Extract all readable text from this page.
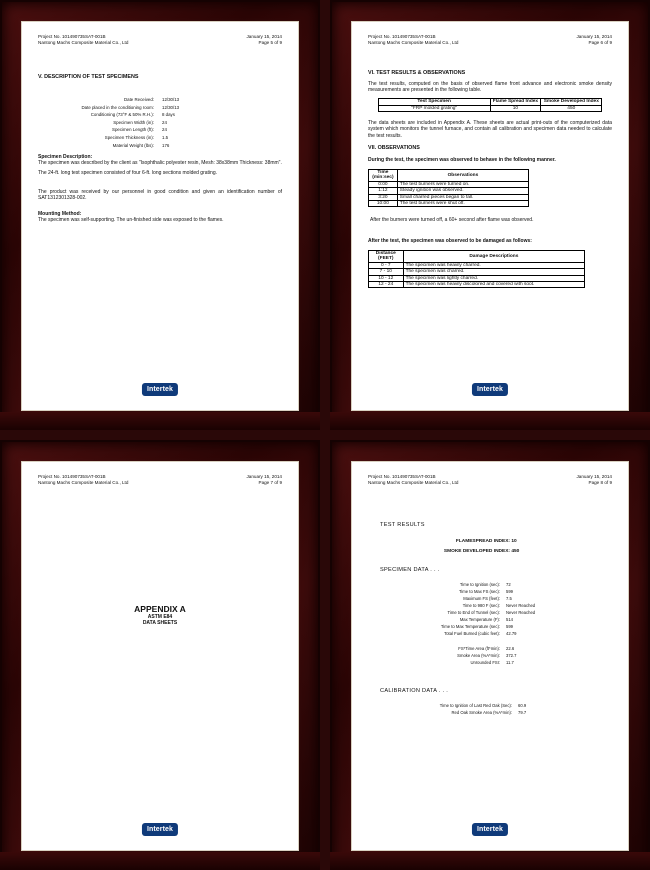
Project No. 101490735SAT-001B
Nantong Machs Composite Material Co., Ltd
January 15, 2014
Page 5 of 9
V. DESCRIPTION OF TEST SPECIMENS
Date Received:	12/30/13
Date placed in the conditioning room:	12/30/13
Conditioning (73°F & 50% R.H.):	8 days
Specimen Width (in):	24
Specimen Length (ft):	24
Specimen Thickness (in):	1.5
Material Weight (lbs):	176
Specimen Description:
The specimen was described by the client as "Isophthalic polyester resin, Mesh: 38x38mm Thickness: 38mm".
The 24-ft. long test specimen consisted of four 6-ft. long sections molded grating.
The product was received by our personnel in good condition and given an identification number of SAT1312301328-002.
Mounting Method:
The specimen was self-supporting. The un-finished side was exposed to the flames.
Intertek
Project No. 101490735SAT-001B
Nantong Machs Composite Material Co., Ltd
January 15, 2014
Page 6 of 9
VI. TEST RESULTS & OBSERVATIONS
The test results, computed on the basis of observed flame front advance and electronic smoke density measurements are presented in the following table.
Test Specimen	Flame Spread Index	Smoke Developed Index
"FRP molded grating"	10	450
The data sheets are included in Appendix A. These sheets are actual print-outs of the computerized data system which monitors the tunnel furnace, and contain all calibration and specimen data needed to calculate the test results.
VII. OBSERVATIONS
During the test, the specimen was observed to behave in the following manner.
Time (min:sec)	Observations
0:00	The test burners were turned on.
1:12	Steady ignition was observed.
3:20	Small charred pieces began to fall.
10:00	The test burners were shut off.
After the burners were turned off, a 60+ second after flame was observed.
After the test, the specimen was observed to be damaged as follows:
Distance (FEET)	Damage Descriptions
0 - 7	The specimen was heavily charred.
7 - 10	The specimen was charred.
10 - 12	The specimen was lightly charred.
12 - 24	The specimen was heavily discolored and covered with soot.
Intertek
Project No. 101490735SAT-001B
Nantong Machs Composite Material Co., Ltd
January 15, 2014
Page 7 of 9
APPENDIX A
ASTM E84
DATA SHEETS
Intertek
Project No. 101490735SAT-001B
Nantong Machs Composite Material Co., Ltd
January 15, 2014
Page 8 of 9
TEST RESULTS
FLAMESPREAD INDEX: 10
SMOKE DEVELOPED INDEX: 450
SPECIMEN DATA . . .
Time to Ignition (sec):	72
Time to Max FS (sec):	599
Maximum FS (feet):	7.5
Time to 980 F (sec):	Never Reached
Time to End of Tunnel (sec):	Never Reached
Max Temperature (F):	514
Time to Max Temperature (sec):	599
Total Fuel Burned (cubic feet):	42.79
FS*Time Area (ft*min):	22.6
Smoke Area (%A*min):	372.7
Unrounded FSI:	11.7
CALIBRATION DATA . . .
Time to Ignition of Last Red Oak (Sec):	60.9
Red Oak Smoke Area (%A*min):	79.7
Intertek
